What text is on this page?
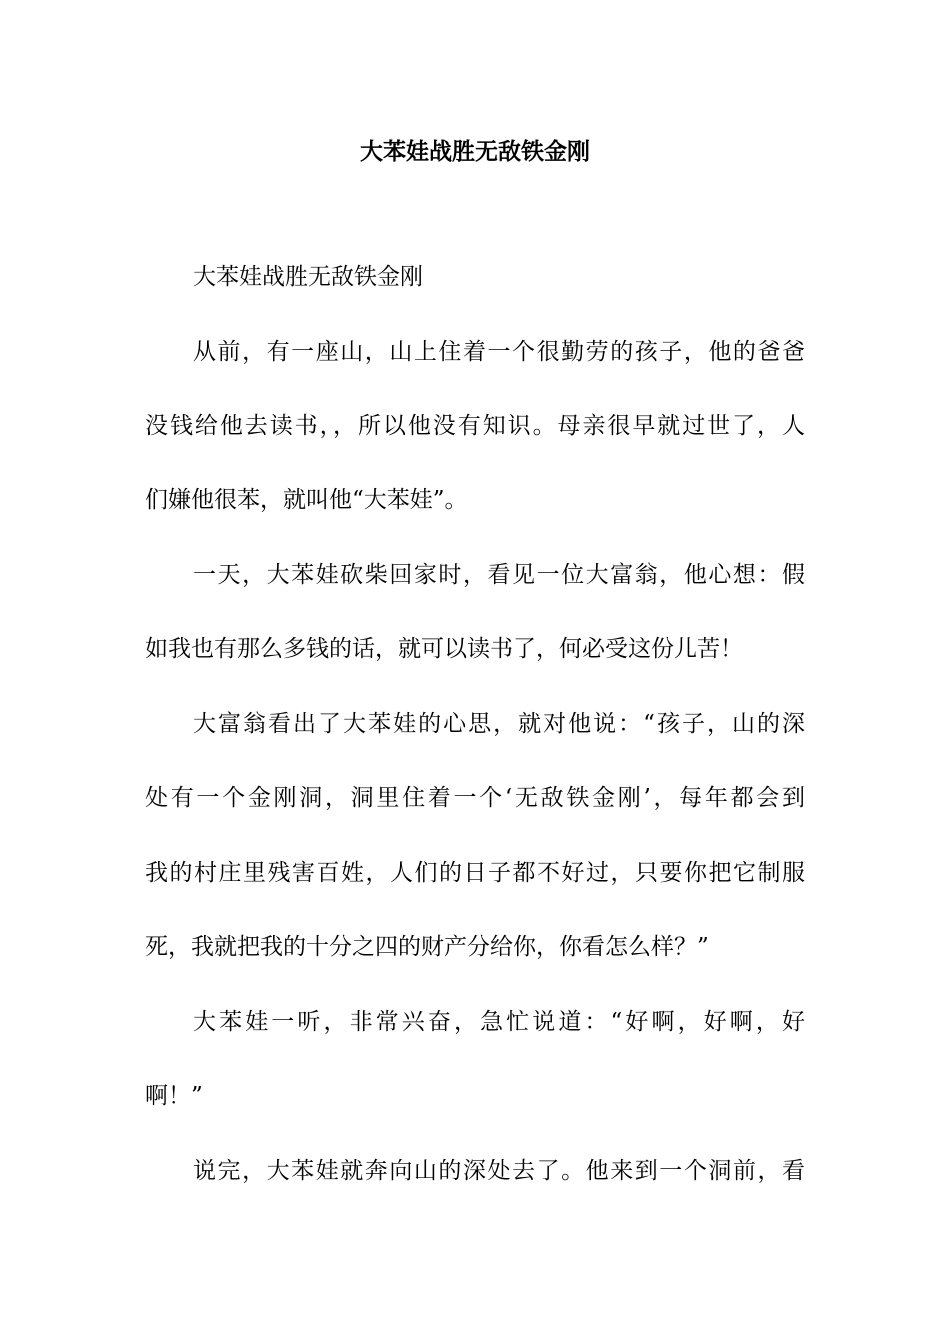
大苯娃战胜无敌铁金刚
大苯娃战胜无敌铁金刚
从前，有一座山，山上住着一个很勤劳的孩子，他的爸爸
没钱给他去读书，，所以他没有知识。母亲很早就过世了，人
们嫌他很苯，就叫他“大苯娃”。
一天，大苯娃砍柴回家时，看见一位大富翁，他心想：假
如我也有那么多钱的话，就可以读书了，何必受这份儿苦！
大富翁看出了大苯娃的心思，就对他说：“孩子，山的深
处有一个金刚洞，洞里住着一个‘无敌铁金刚’，每年都会到
我的村庄里残害百姓，人们的日子都不好过，只要你把它制服
死，我就把我的十分之四的财产分给你，你看怎么样？”
大苯娃一听，非常兴奋，急忙说道：“好啊，好啊，好
啊！”
说完，大苯娃就奔向山的深处去了。他来到一个洞前，看
